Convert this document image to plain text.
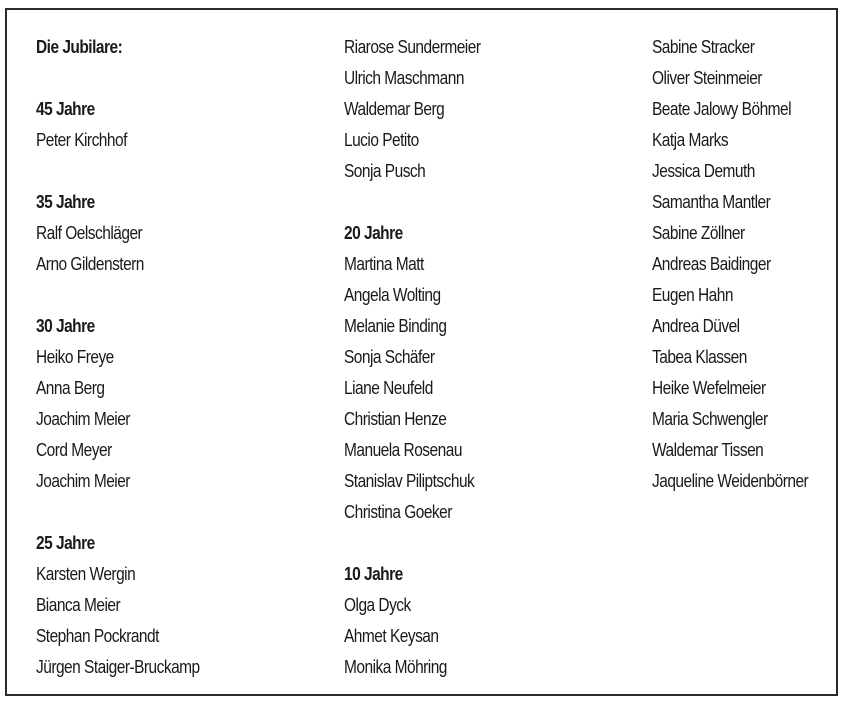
Die Jubilare:
45 Jahre
Peter Kirchhof
35 Jahre
Ralf Oelschläger
Arno Gildenstern
30 Jahre
Heiko Freye
Anna Berg
Joachim Meier
Cord Meyer
Joachim Meier
25 Jahre
Karsten Wergin
Bianca Meier
Stephan Pockrandt
Jürgen Staiger-Bruckamp
Riarose Sundermeier
Ulrich Maschmann
Waldemar Berg
Lucio Petito
Sonja Pusch
20 Jahre
Martina Matt
Angela Wolting
Melanie Binding
Sonja Schäfer
Liane Neufeld
Christian Henze
Manuela Rosenau
Stanislav Piliptschuk
Christina Goeker
10 Jahre
Olga Dyck
Ahmet Keysan
Monika Möhring
Sabine Stracker
Oliver Steinmeier
Beate Jalowy Böhmel
Katja Marks
Jessica Demuth
Samantha Mantler
Sabine Zöllner
Andreas Baidinger
Eugen Hahn
Andrea Düvel
Tabea Klassen
Heike Wefelmeier
Maria Schwengler
Waldemar Tissen
Jaqueline Weidenbörner
